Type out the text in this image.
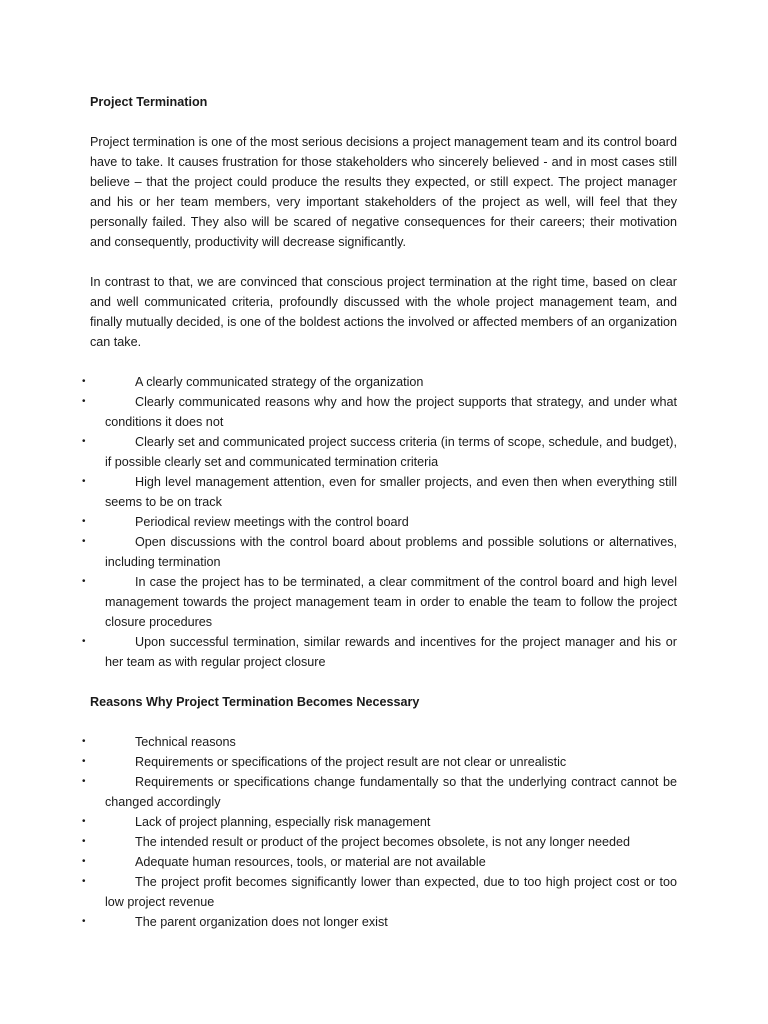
Project Termination

Project termination is one of the most serious decisions a project management team and its control board have to take. It causes frustration for those stakeholders who sincerely believed - and in most cases still believe – that the project could produce the results they expected, or still expect. The project manager and his or her team members, very important stakeholders of the project as well, will feel that they personally failed. They also will be scared of negative consequences for their careers; their motivation and consequently, productivity will decrease significantly.

In contrast to that, we are convinced that conscious project termination at the right time, based on clear and well communicated criteria, profoundly discussed with the whole project management team, and finally mutually decided, is one of the boldest actions the involved or affected members of an organization can take.

•	A clearly communicated strategy of the organization
•	Clearly communicated reasons why and how the project supports that strategy, and under what conditions it does not
•	Clearly set and communicated project success criteria (in terms of scope, schedule, and budget), if possible clearly set and communicated termination criteria
•	High level management attention, even for smaller projects, and even then when everything still seems to be on track
•	Periodical review meetings with the control board
•	Open discussions with the control board about problems and possible solutions or alternatives, including termination
•	In case the project has to be terminated, a clear commitment of the control board and high level management towards the project management team in order to enable the team to follow the project closure procedures
•	Upon successful termination, similar rewards and incentives for the project manager and his or her team as with regular project closure
Reasons Why Project Termination Becomes Necessary
•	Technical reasons
•	Requirements or specifications of the project result are not clear or unrealistic
•	Requirements or specifications change fundamentally so that the underlying contract cannot be changed accordingly
•	Lack of project planning, especially risk management
•	The intended result or product of the project becomes obsolete, is not any longer needed
•	Adequate human resources, tools, or material are not available
•	The project profit becomes significantly lower than expected, due to too high project cost or too low project revenue
•	The parent organization does not longer exist
